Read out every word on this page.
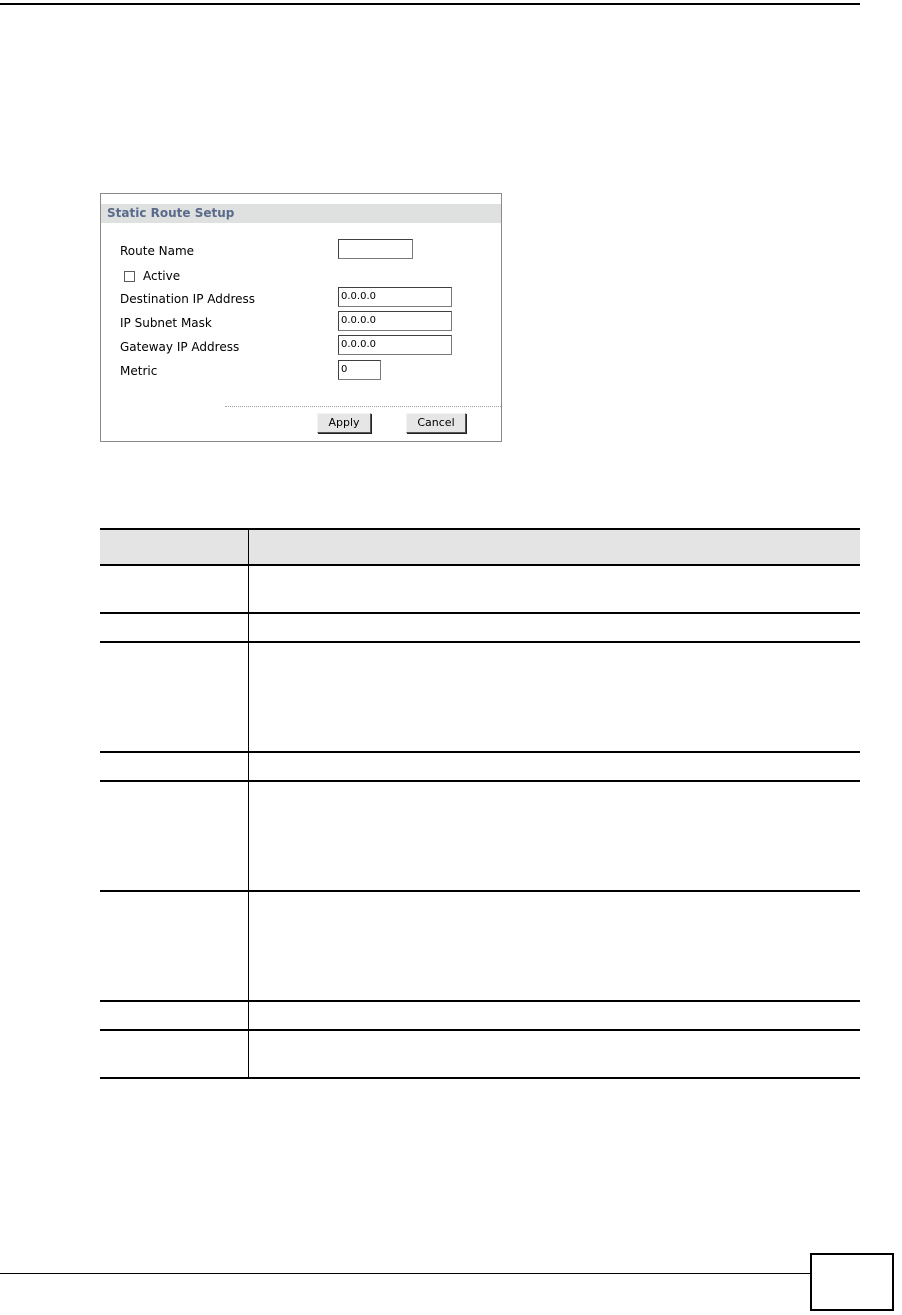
Static Route Setup
Route Name
Active
Destination IP Address	0.0.0.0
IP Subnet Mask	0.0.0.0
Gateway IP Address	0.0.0.0
Metric	0
Apply	Cancel
